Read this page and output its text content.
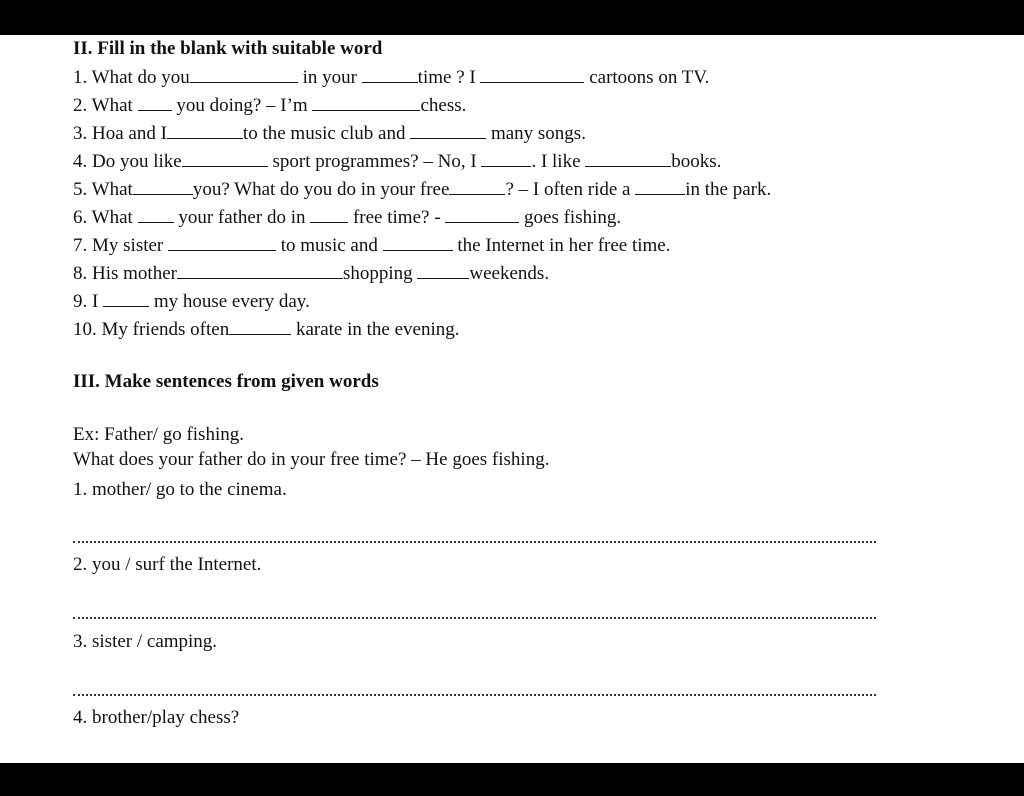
II. Fill in the blank with suitable word
1. What do you	in your	time ? I	cartoons on TV.
2. What you doing? – I’m	chess.
3. Hoa and I	to the music club and	many songs.
4. Do you like	sport programmes? – No, I	. I like	books.
5. What	you? What do you do in your free	? – I often ride a	in the park.
6. What your father do in	free time? -	goes fishing.
7. My sister	to music and	the Internet in her free time.
8. His mother	shopping	weekends.
9. I	my house every day.
10. My friends often	karate in the evening.
III. Make sentences from given words
Ex: Father/ go fishing.
What does your father do in your free time? – He goes fishing.
1. mother/ go to the cinema.
2. you / surf the Internet.
3. sister / camping.
4. brother/play chess?
